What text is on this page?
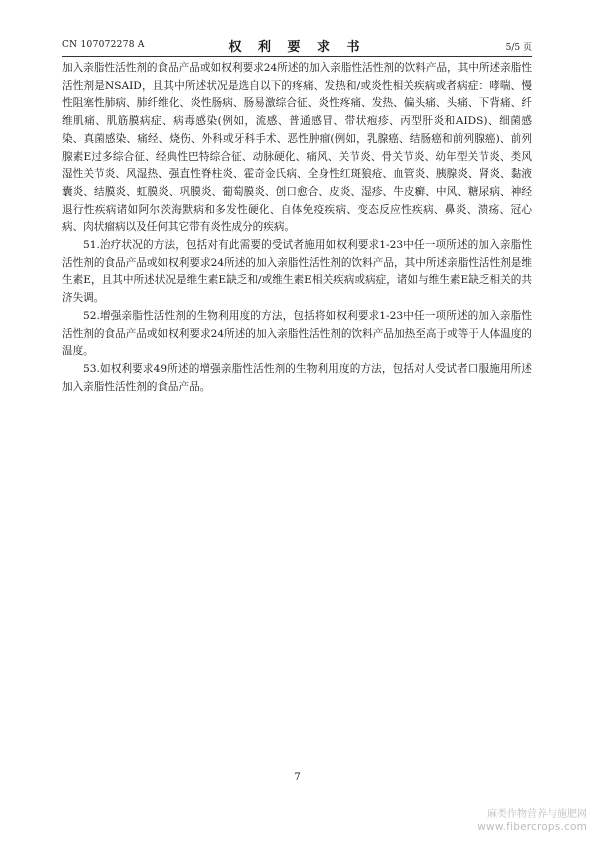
CN 107072278 A	权 利 要 求 书	5/5 页

加入亲脂性活性剂的食品产品或如权利要求24所述的加入亲脂性活性剂的饮料产品，其中所述亲脂性活性剂是NSAID，且其中所述状况是选自以下的疼痛、发热和/或炎性相关疾病或者病症：哮喘、慢性阻塞性肺病、肺纤维化、炎性肠病、肠易激综合征、炎性疼痛、发热、偏头痛、头痛、下背痛、纤维肌痛、肌筋膜病症、病毒感染(例如，流感、普通感冒、带状疱疹、丙型肝炎和AIDS)、细菌感染、真菌感染、痛经、烧伤、外科或牙科手术、恶性肿瘤(例如，乳腺癌、结肠癌和前列腺癌)、前列腺素E过多综合征、经典性巴特综合征、动脉硬化、痛风、关节炎、骨关节炎、幼年型关节炎、类风湿性关节炎、风湿热、强直性脊柱炎、霍奇金氏病、全身性红斑狼疮、血管炎、胰腺炎、肾炎、黏液囊炎、结膜炎、虹膜炎、巩膜炎、葡萄膜炎、创口愈合、皮炎、湿疹、牛皮癣、中风、糖尿病、神经退行性疾病诸如阿尔茨海默病和多发性硬化、自体免疫疾病、变态反应性疾病、鼻炎、溃疡、冠心病、肉状瘤病以及任何其它带有炎性成分的疾病。

51.治疗状况的方法，包括对有此需要的受试者施用如权利要求1-23中任一项所述的加入亲脂性活性剂的食品产品或如权利要求24所述的加入亲脂性活性剂的饮料产品，其中所述亲脂性活性剂是维生素E，且其中所述状况是维生素E缺乏和/或维生素E相关疾病或病症，诸如与维生素E缺乏相关的共济失调。

52.增强亲脂性活性剂的生物利用度的方法，包括将如权利要求1-23中任一项所述的加入亲脂性活性剂的食品产品或如权利要求24所述的加入亲脂性活性剂的饮料产品加热至高于或等于人体温度的温度。

53.如权利要求49所述的增强亲脂性活性剂的生物利用度的方法，包括对人受试者口服施用所述加入亲脂性活性剂的食品产品。

7
麻类作物营养与施肥网
www.fibercrops.com
